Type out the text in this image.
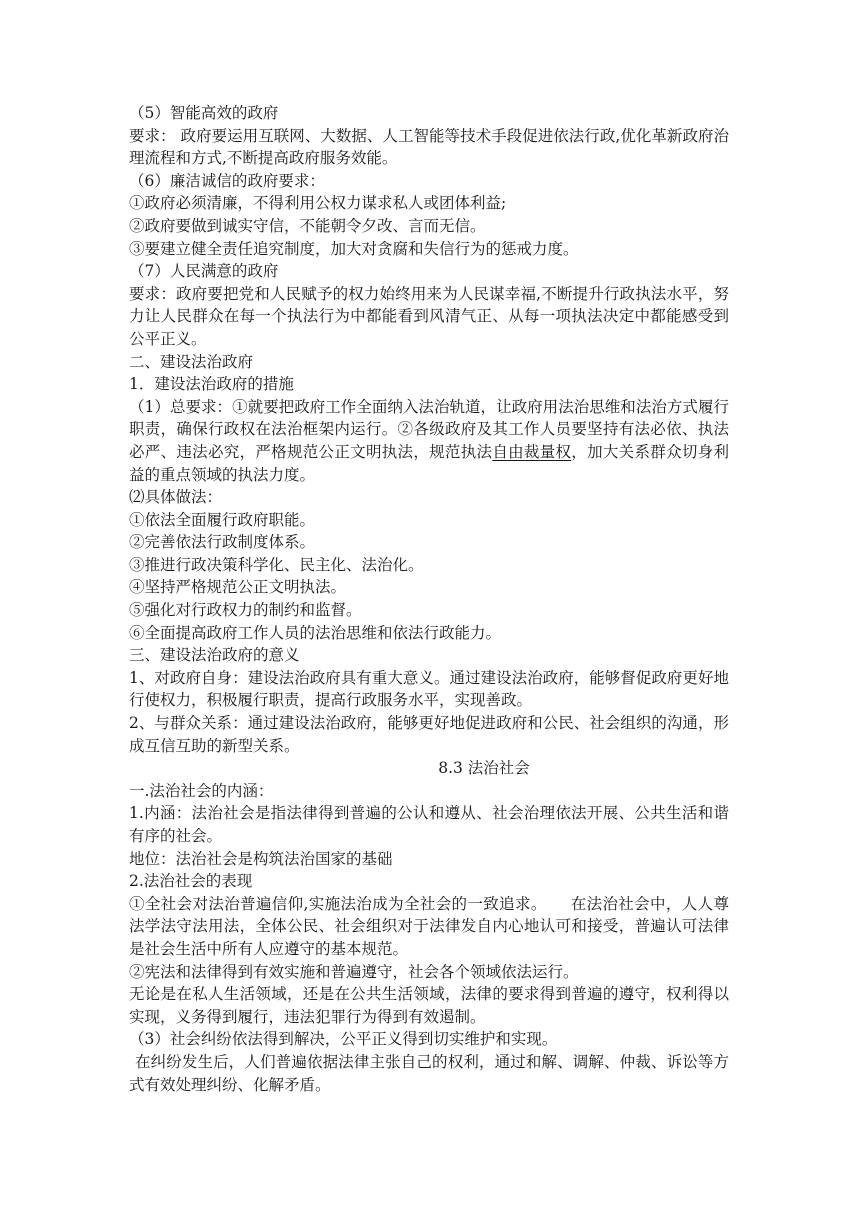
（5）智能高效的政府

要求： 政府要运用互联网、大数据、人工智能等技术手段促进依法行政,优化革新政府治理流程和方式,不断提高政府服务效能。

（6）廉洁诚信的政府要求：

①政府必须清廉，不得利用公权力谋求私人或团体利益;

②政府要做到诚实守信，不能朝令夕改、言而无信。

③要建立健全责任追究制度，加大对贪腐和失信行为的惩戒力度。

（7）人民满意的政府

要求：政府要把党和人民赋予的权力始终用来为人民谋幸福,不断提升行政执法水平，努力让人民群众在每一个执法行为中都能看到风清气正、从每一项执法决定中都能感受到公平正义。

二、建设法治政府

1．建设法治政府的措施

（1）总要求：①就要把政府工作全面纳入法治轨道，让政府用法治思维和法治方式履行职责，确保行政权在法治框架内运行。②各级政府及其工作人员要坚持有法必依、执法必严、违法必究，严格规范公正文明执法，规范执法自由裁量权，加大关系群众切身利益的重点领域的执法力度。

⑵具体做法：

①依法全面履行政府职能。

②完善依法行政制度体系。

③推进行政决策科学化、民主化、法治化。

④坚持严格规范公正文明执法。

⑤强化对行政权力的制约和监督。

⑥全面提高政府工作人员的法治思维和依法行政能力。

三、建设法治政府的意义

1、对政府自身：建设法治政府具有重大意义。通过建设法治政府，能够督促政府更好地行使权力，积极履行职责，提高行政服务水平，实现善政。

2、与群众关系：通过建设法治政府，能够更好地促进政府和公民、社会组织的沟通，形成互信互助的新型关系。

8.3 法治社会

一.法治社会的内涵：

1.内涵：法治社会是指法律得到普遍的公认和遵从、社会治理依法开展、公共生活和谐有序的社会。

地位：法治社会是构筑法治国家的基础

2.法治社会的表现

①全社会对法治普遍信仰,实施法治成为全社会的一致追求。　　在法治社会中，人人尊法学法守法用法，全体公民、社会组织对于法律发自内心地认可和接受，普遍认可法律是社会生活中所有人应遵守的基本规范。

②宪法和法律得到有效实施和普遍遵守，社会各个领域依法运行。

无论是在私人生活领域，还是在公共生活领域，法律的要求得到普遍的遵守，权利得以实现，义务得到履行，违法犯罪行为得到有效遏制。

（3）社会纠纷依法得到解决，公平正义得到切实维护和实现。

在纠纷发生后，人们普遍依据法律主张自己的权利，通过和解、调解、仲裁、诉讼等方式有效处理纠纷、化解矛盾。
